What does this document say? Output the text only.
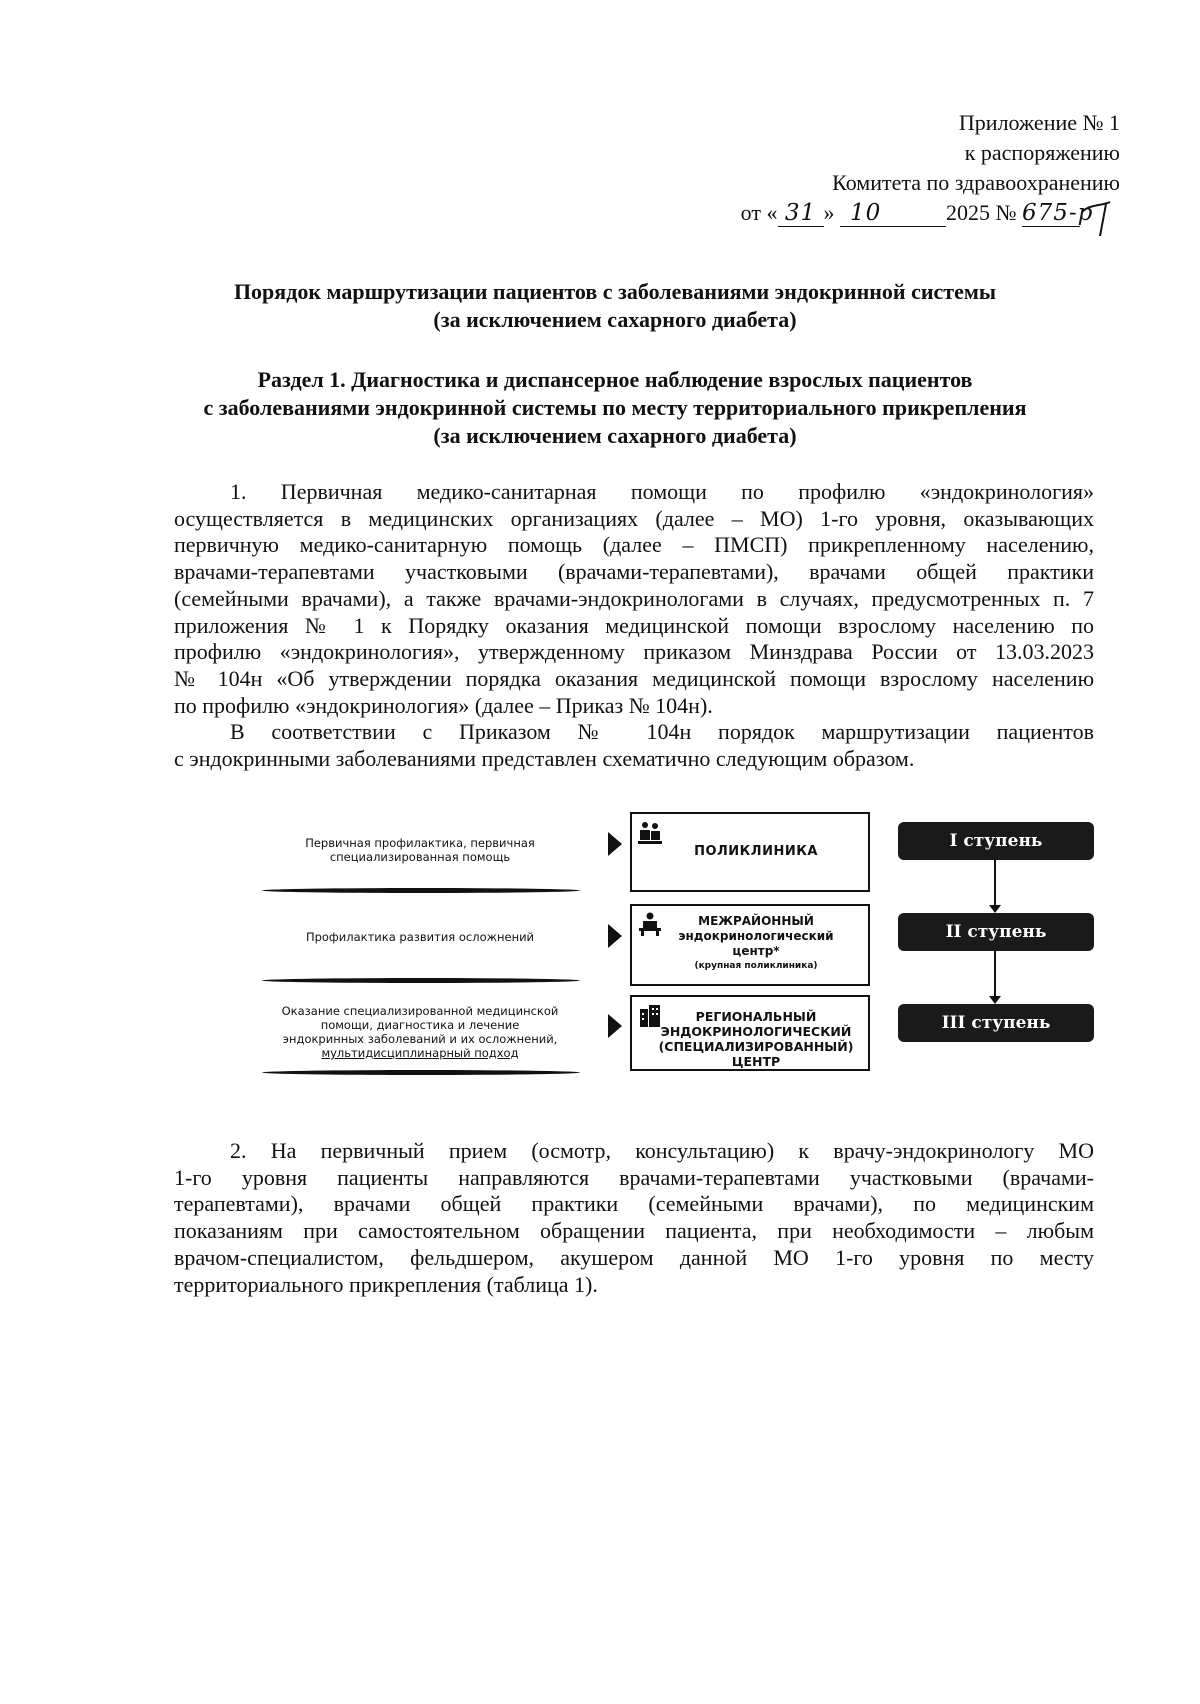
Приложение № 1
к распоряжению
Комитета по здравоохранению
от « 31 » 10	2025 № 675-р
Порядок маршрутизации пациентов с заболеваниями эндокринной системы
(за исключением сахарного диабета)
Раздел 1. Диагностика и диспансерное наблюдение взрослых пациентов
с заболеваниями эндокринной системы по месту территориального прикрепления
(за исключением сахарного диабета)
1. Первичная медико-санитарная помощи по профилю «эндокринология»
осуществляется в медицинских организациях (далее – МО) 1-го уровня, оказывающих
первичную медико-санитарную помощь (далее – ПМСП) прикрепленному населению,
врачами-терапевтами участковыми (врачами-терапевтами), врачами общей практики
(семейными врачами), а также врачами-эндокринологами в случаях, предусмотренных п. 7
приложения № 1 к Порядку оказания медицинской помощи взрослому населению по
профилю «эндокринология», утвержденному приказом Минздрава России от 13.03.2023
№ 104н «Об утверждении порядка оказания медицинской помощи взрослому населению
по профилю «эндокринология» (далее – Приказ № 104н).
В соответствии с Приказом № 104н порядок маршрутизации пациентов
с эндокринными заболеваниями представлен схематично следующим образом.
Первичная профилактика, первичная
специализированная помощь
Профилактика развития осложнений
Оказание специализированной медицинской
помощи, диагностика и лечение
эндокринных заболеваний и их осложнений,
мультидисциплинарный подход
ПОЛИКЛИНИКА
МЕЖРАЙОННЫЙ
эндокринологический
центр*
(крупная поликлиника)
РЕГИОНАЛЬНЫЙ
ЭНДОКРИНОЛОГИЧЕСКИЙ
(СПЕЦИАЛИЗИРОВАННЫЙ)
ЦЕНТР
I ступень
II ступень
III ступень
2. На первичный прием (осмотр, консультацию) к врачу-эндокринологу МО
1-го уровня пациенты направляются врачами-терапевтами участковыми (врачами-
терапевтами), врачами общей практики (семейными врачами), по медицинским
показаниям при самостоятельном обращении пациента, при необходимости – любым
врачом-специалистом, фельдшером, акушером данной МО 1-го уровня по месту
территориального прикрепления (таблица 1).
